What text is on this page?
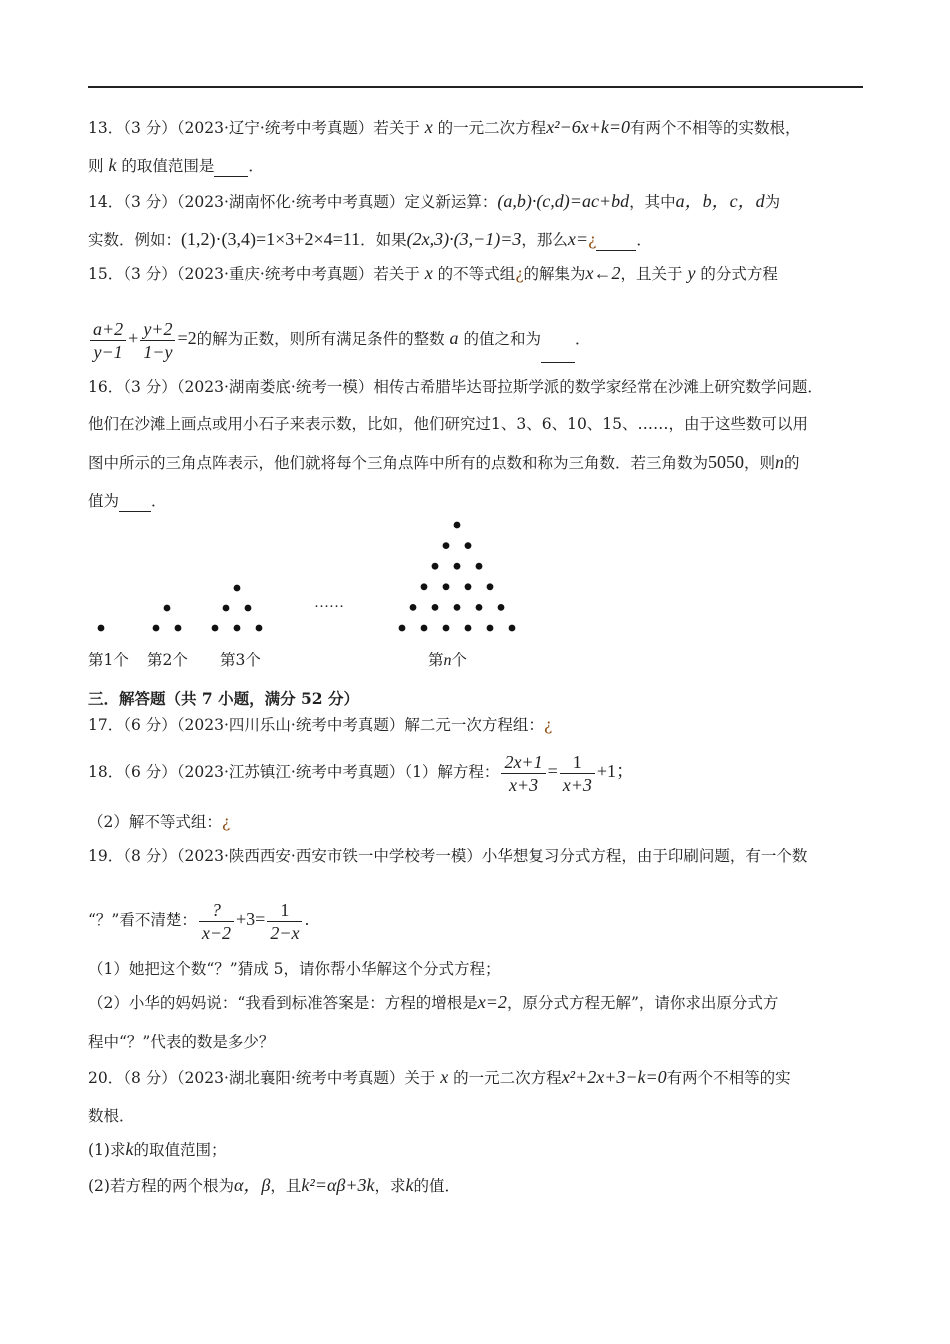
13．（3 分）（2023·辽宁·统考中考真题）若关于 x 的一元二次方程x²−6x+k=0有两个不相等的实数根，
则 k 的取值范围是 ．
14．（3 分）（2023·湖南怀化·统考中考真题）定义新运算：(a,b)·(c,d)=ac+bd，其中a，b，c，d为
实数．例如：(1,2)·(3,4)=1×3+2×4=11．如果(2x,3)·(3,−1)=3，那么x=¿	．
15．（3 分）（2023·重庆·统考中考真题）若关于 x 的不等式组¿的解集为x←2，且关于 y 的分式方程
$\frac{a+2}{y-1} + \frac{y+2}{1-y} =2$的解为正数，则所有满足条件的整数 a 的值之和为 ．
16．（3 分）（2023·湖南娄底·统考一模）相传古希腊毕达哥拉斯学派的数学家经常在沙滩上研究数学问题．
他们在沙滩上画点或用小石子来表示数，比如，他们研究过1、3、6、10、15、……，由于这些数可以用
图中所示的三角点阵表示，他们就将每个三角点阵中所有的点数和称为三角数．若三角数为5050，则n的
值为 ．
……
第1个 第2个 第3个	第n个
三．解答题（共 7 小题，满分 52 分）
17．（6 分）（2023·四川乐山·统考中考真题）解二元一次方程组：¿
18．（6 分）（2023·江苏镇江·统考中考真题）（1）解方程： $\frac{2x+1}{x+3} = \frac{1}{x+3} +1$；
（2）解不等式组：¿
19．（8 分）（2023·陕西西安·西安市铁一中学校考一模）小华想复习分式方程，由于印刷问题，有一个数
“？”看不清楚： $\frac{?}{x-2} +3= \frac{1}{2-x}$ .
（1）她把这个数“？”猜成 5，请你帮小华解这个分式方程；
（2）小华的妈妈说：“我看到标准答案是：方程的增根是x=2，原分式方程无解”，请你求出原分式方
程中“？”代表的数是多少？
20．（8 分）（2023·湖北襄阳·统考中考真题）关于 x 的一元二次方程x²+2x+3−k=0有两个不相等的实
数根．
(1)求k的取值范围；
(2)若方程的两个根为α，β，且k²=αβ+3k，求k的值．
